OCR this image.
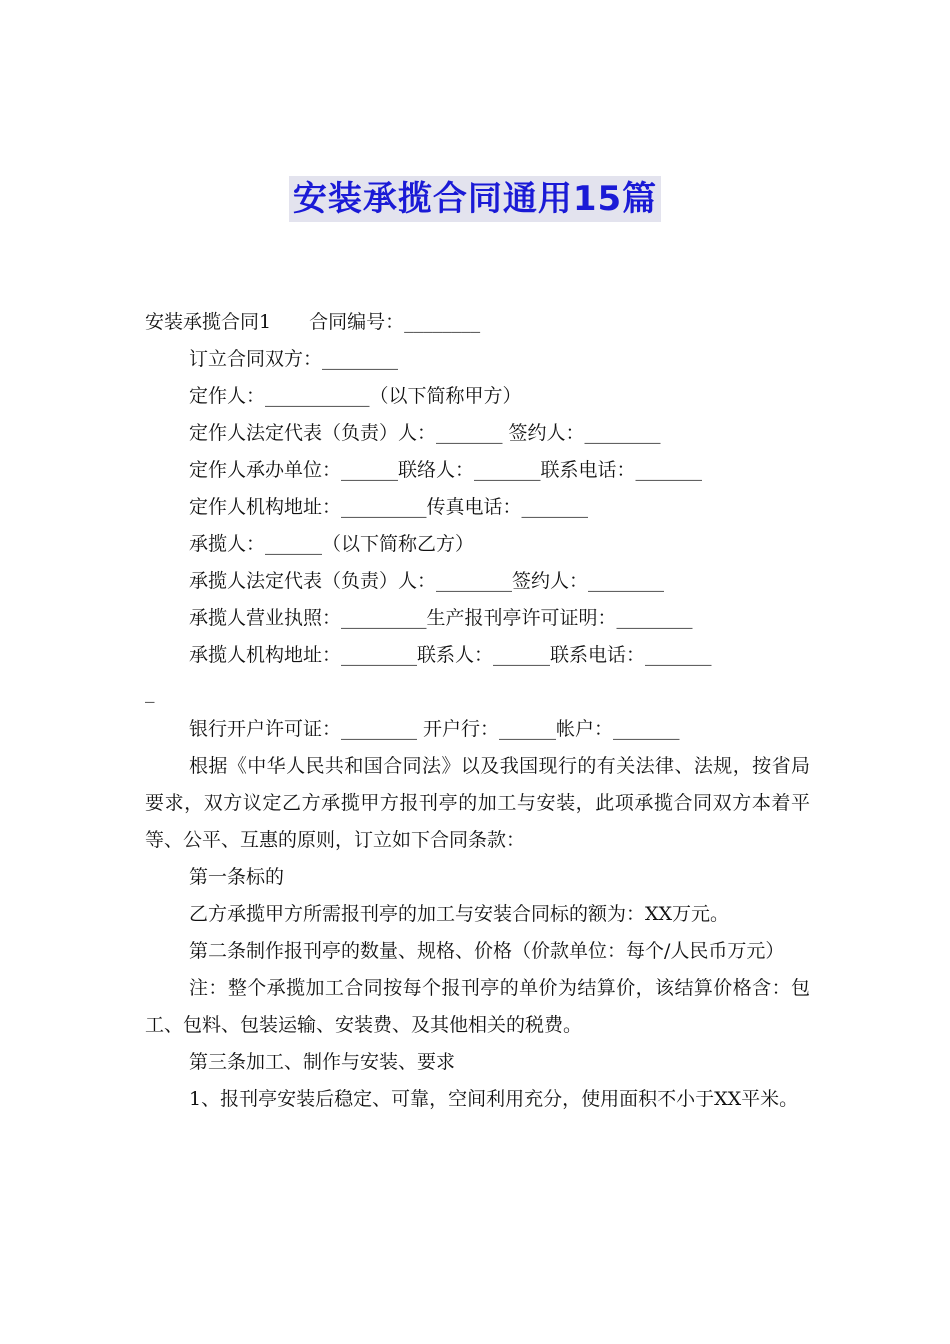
安装承揽合同通用15篇

安装承揽合同1　　合同编号：________

订立合同双方：________

定作人：___________（以下简称甲方）

定作人法定代表（负责）人：_______ 签约人：________

定作人承办单位：______联络人：_______联系电话：_______

定作人机构地址：_________传真电话：_______

承揽人：______（以下简称乙方）

承揽人法定代表（负责）人：________签约人：________

承揽人营业执照：_________生产报刊亭许可证明：________

承揽人机构地址：________联系人：______联系电话：_______

_

银行开户许可证：________ 开户行：______帐户：_______

根据《中华人民共和国合同法》以及我国现行的有关法律、法规，按省局要求，双方议定乙方承揽甲方报刊亭的加工与安装，此项承揽合同双方本着平等、公平、互惠的原则，订立如下合同条款：

第一条标的

乙方承揽甲方所需报刊亭的加工与安装合同标的额为：XX万元。

第二条制作报刊亭的数量、规格、价格（价款单位：每个/人民币万元）

注：整个承揽加工合同按每个报刊亭的单价为结算价，该结算价格含：包工、包料、包装运输、安装费、及其他相关的税费。

第三条加工、制作与安装、要求

1、报刊亭安装后稳定、可靠，空间利用充分，使用面积不小于XX平米。
